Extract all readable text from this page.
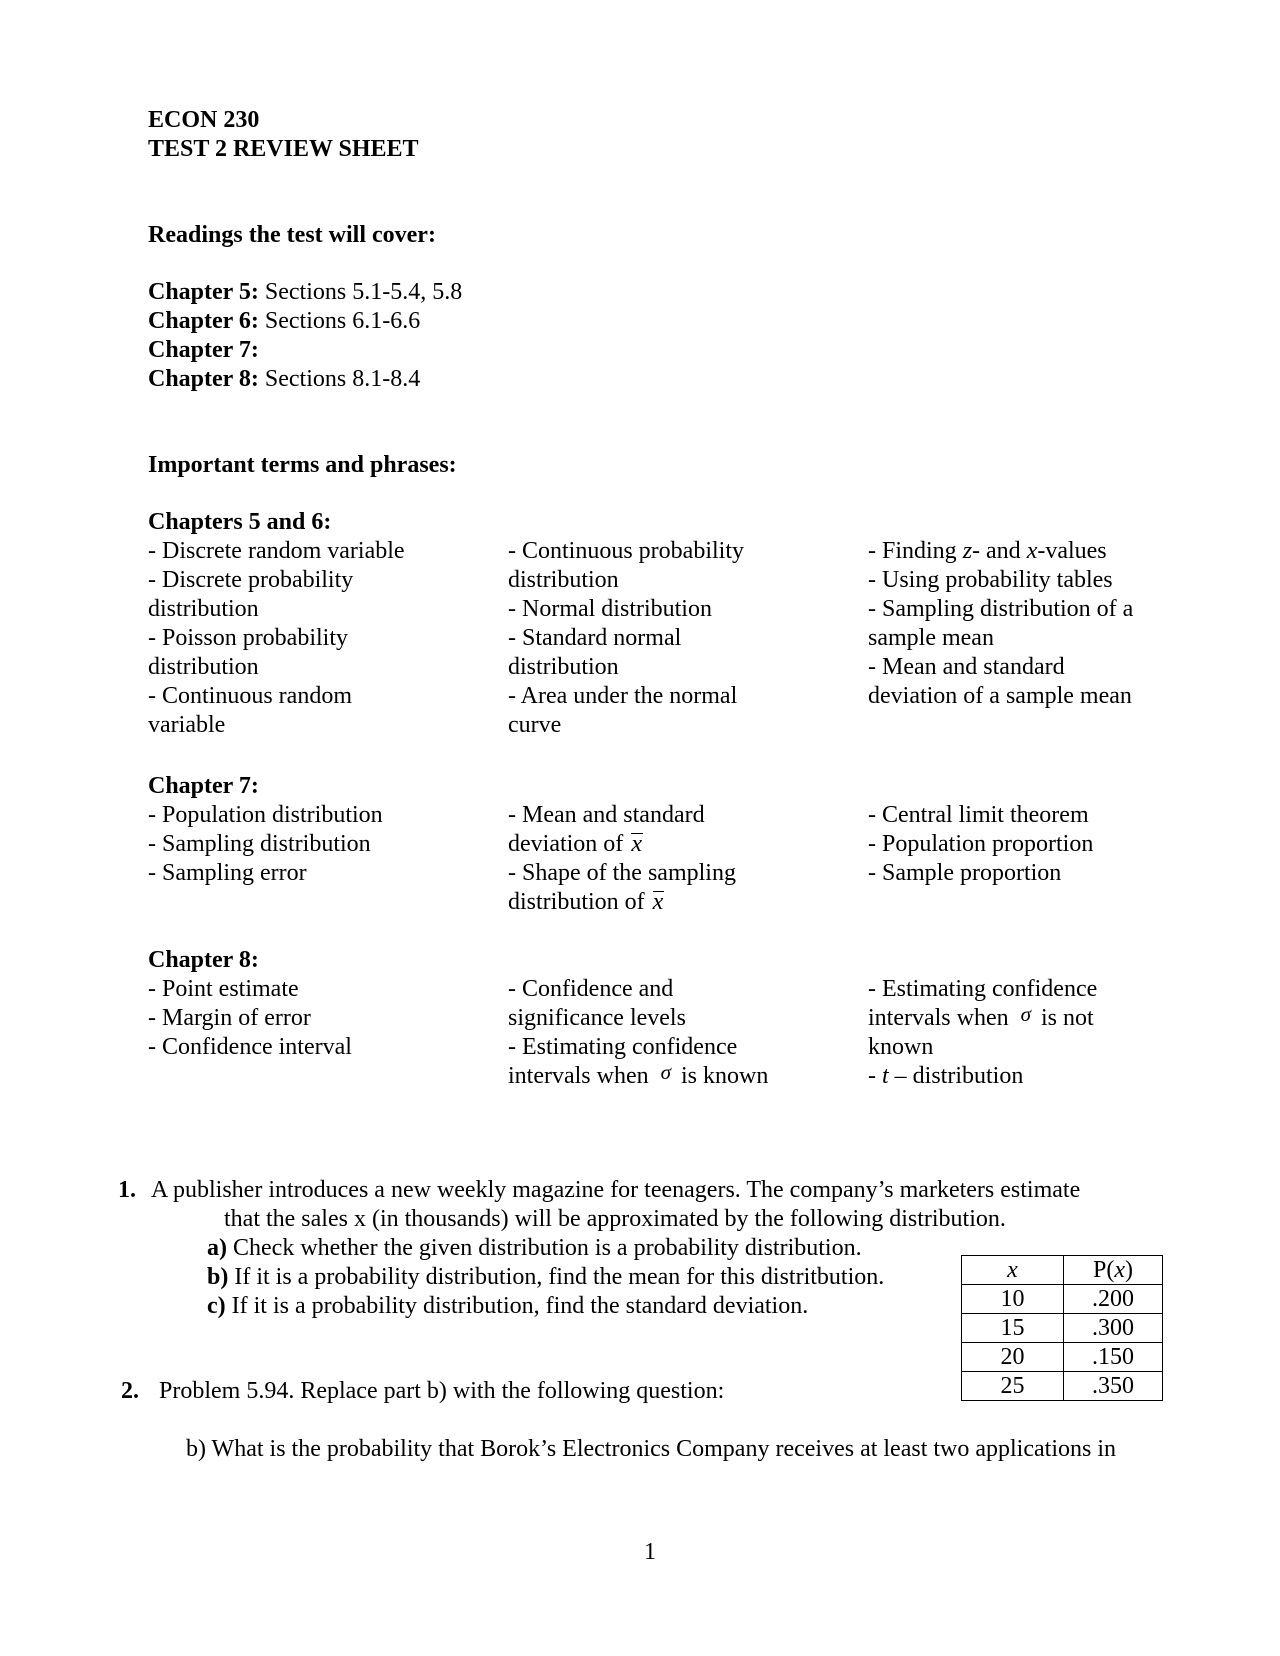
ECON 230
TEST 2 REVIEW SHEET
Readings the test will cover:
Chapter 5: Sections 5.1-5.4, 5.8
Chapter 6: Sections 6.1-6.6
Chapter 7:
Chapter 8: Sections 8.1-8.4
Important terms and phrases:
Chapters 5 and 6:
- Discrete random variable
- Discrete probability
distribution
- Poisson probability
distribution
- Continuous random
variable
- Continuous probability
distribution
- Normal distribution
- Standard normal
distribution
- Area under the normal
curve
- Finding z- and x-values
- Using probability tables
- Sampling distribution of a
sample mean
- Mean and standard
deviation of a sample mean
Chapter 7:
- Population distribution
- Sampling distribution
- Sampling error
- Mean and standard
deviation of x
- Shape of the sampling
distribution of x
- Central limit theorem
- Population proportion
- Sample proportion
Chapter 8:
- Point estimate
- Margin of error
- Confidence interval
- Confidence and
significance levels
- Estimating confidence
intervals when σ is known
- Estimating confidence
intervals when σ is not
known
- t – distribution
1. A publisher introduces a new weekly magazine for teenagers. The company’s marketers estimate
that the sales x (in thousands) will be approximated by the following distribution.
a) Check whether the given distribution is a probability distribution.
b) If it is a probability distribution, find the mean for this distritbution.
c) If it is a probability distribution, find the standard deviation.
x	P(x)
10	.200
15	.300
20	.150
25	.350
2. Problem 5.94. Replace part b) with the following question:
b) What is the probability that Borok’s Electronics Company receives at least two applications in
1
